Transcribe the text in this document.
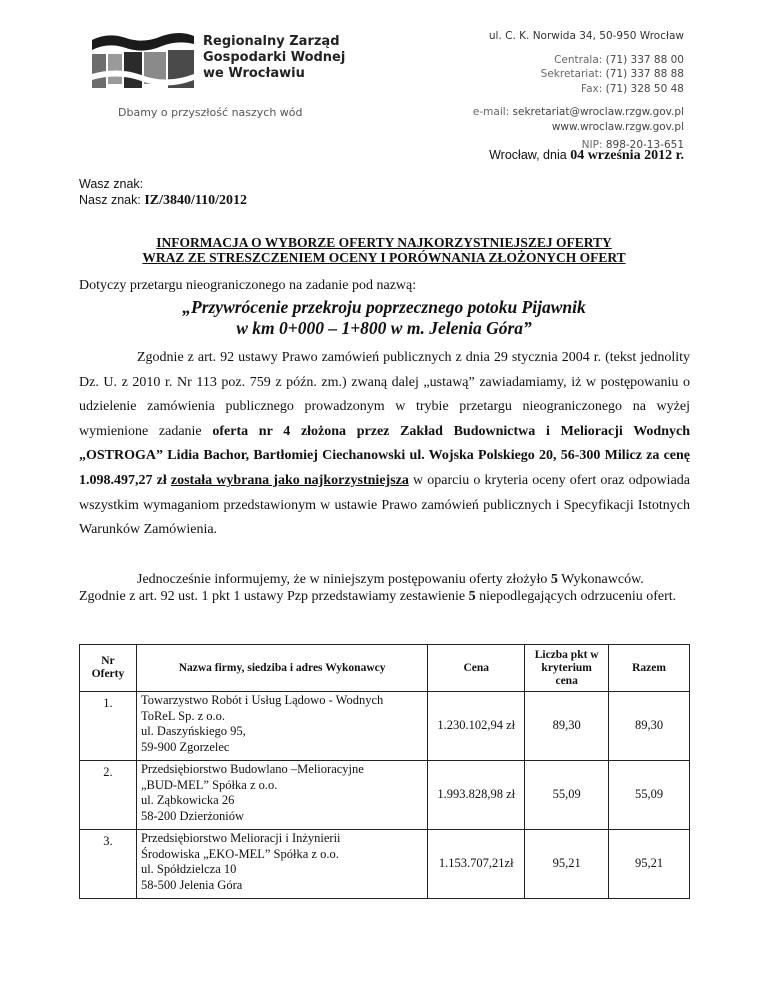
Regionalny Zarząd
Gospodarki Wodnej
we Wrocławiu
Dbamy o przyszłość naszych wód
ul. C. K. Norwida 34, 50-950 Wrocław
Centrala: (71) 337 88 00
Sekretariat: (71) 337 88 88
Fax: (71) 328 50 48
e-mail: sekretariat@wroclaw.rzgw.gov.pl
www.wroclaw.rzgw.gov.pl
NIP: 898-20-13-651
Wrocław, dnia 04 września 2012 r.
Wasz znak:
Nasz znak: IZ/3840/110/2012
INFORMACJA O WYBORZE OFERTY NAJKORZYSTNIEJSZEJ OFERTY
WRAZ ZE STRESZCZENIEM OCENY I PORÓWNANIA ZŁOŻONYCH OFERT
Dotyczy przetargu nieograniczonego na zadanie pod nazwą:
„Przywrócenie przekroju poprzecznego potoku Pijawnik
w km 0+000 – 1+800 w m. Jelenia Góra”
Zgodnie z art. 92 ustawy Prawo zamówień publicznych z dnia 29 stycznia 2004 r. (tekst jednolity Dz. U. z 2010 r. Nr 113 poz. 759 z późn. zm.) zwaną dalej „ustawą” zawiadamiamy, iż w postępowaniu o udzielenie zamówienia publicznego prowadzonym w trybie przetargu nieograniczonego na wyżej wymienione zadanie oferta nr 4 złożona przez Zakład Budownictwa i Melioracji Wodnych „OSTROGA” Lidia Bachor, Bartłomiej Ciechanowski ul. Wojska Polskiego 20, 56-300 Milicz za cenę 1.098.497,27 zł została wybrana jako najkorzystniejsza w oparciu o kryteria oceny ofert oraz odpowiada wszystkim wymaganiom przedstawionym w ustawie Prawo zamówień publicznych i Specyfikacji Istotnych Warunków Zamówienia.
Jednocześnie informujemy, że w niniejszym postępowaniu oferty złożyło 5 Wykonawców.
Zgodnie z art. 92 ust. 1 pkt 1 ustawy Pzp przedstawiamy zestawienie 5 niepodlegających odrzuceniu ofert.
Nr Oferty	Nazwa firmy, siedziba i adres Wykonawcy	Cena	Liczba pkt w kryterium cena	Razem
1.	Towarzystwo Robót i Usług Lądowo - Wodnych
ToReL Sp. z o.o.
ul. Daszyńskiego 95,
59-900 Zgorzelec	1.230.102,94 zł	89,30	89,30
2.	Przedsiębiorstwo Budowlano –Melioracyjne
„BUD-MEL” Spółka z o.o.
ul. Ząbkowicka 26
58-200 Dzierżoniów	1.993.828,98 zł	55,09	55,09
3.	Przedsiębiorstwo Melioracji i Inżynierii
Środowiska „EKO-MEL” Spółka z o.o.
ul. Spółdzielcza 10
58-500 Jelenia Góra	1.153.707,21zł	95,21	95,21
